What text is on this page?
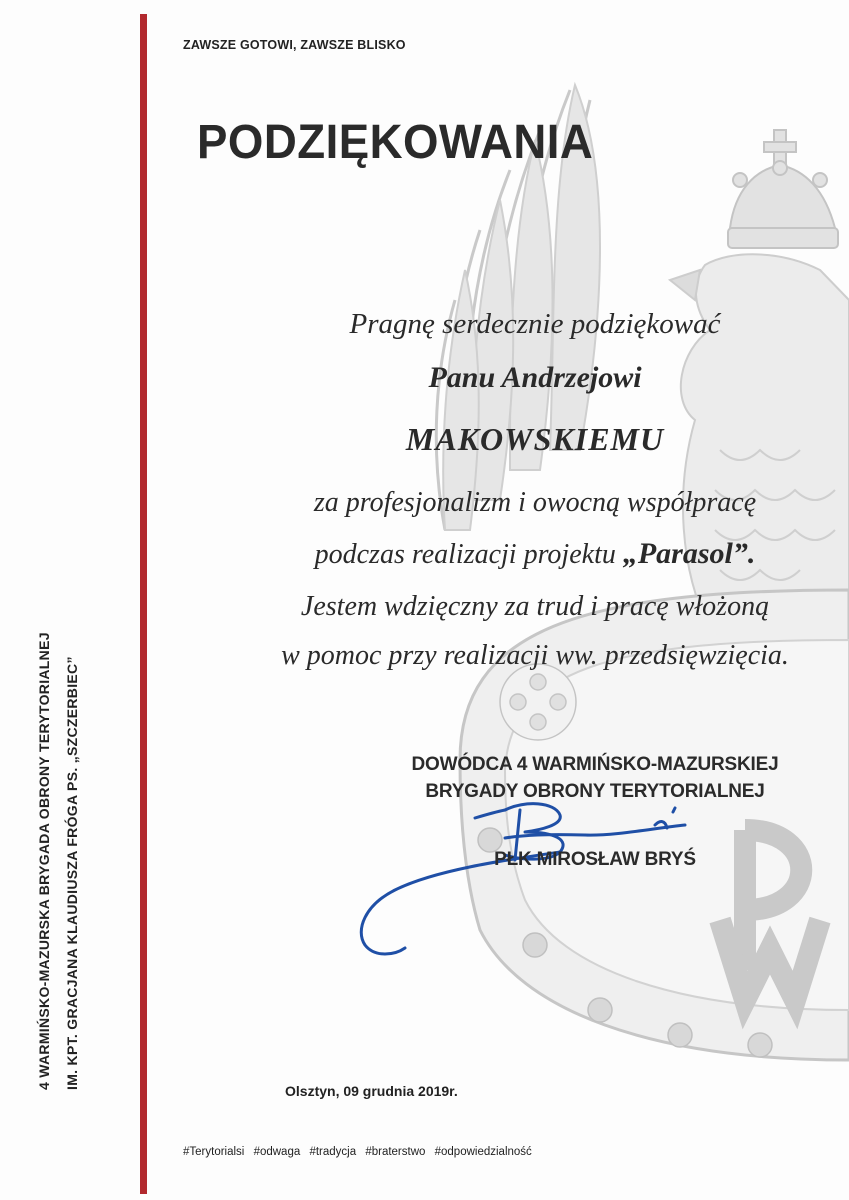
4 WARMIŃSKO-MAZURSKA BRYGADA OBRONY TERYTORIALNEJ IM. KPT. GRACJANA KLAUDIUSZA FRÓGA PS. „SZCZERBIEC”
ZAWSZE GOTOWI, ZAWSZE BLISKO
PODZIĘKOWANIA
Pragnę serdecznie podziękować
Panu Andrzejowi
MAKOWSKIEMU
za profesjonalizm i owocną współpracę
podczas realizacji projektu „Parasol”.
Jestem wdzięczny za trud i pracę włożoną
w pomoc przy realizacji ww. przedsięwzięcia.
DOWÓDCA 4 WARMIŃSKO-MAZURSKIEJ
BRYGADY OBRONY TERYTORIALNEJ
PŁK MIROSŁAW BRYŚ
Olsztyn, 09 grudnia 2019r.
#Terytorialsi #odwaga #tradycja #braterstwo #odpowiedzialność
